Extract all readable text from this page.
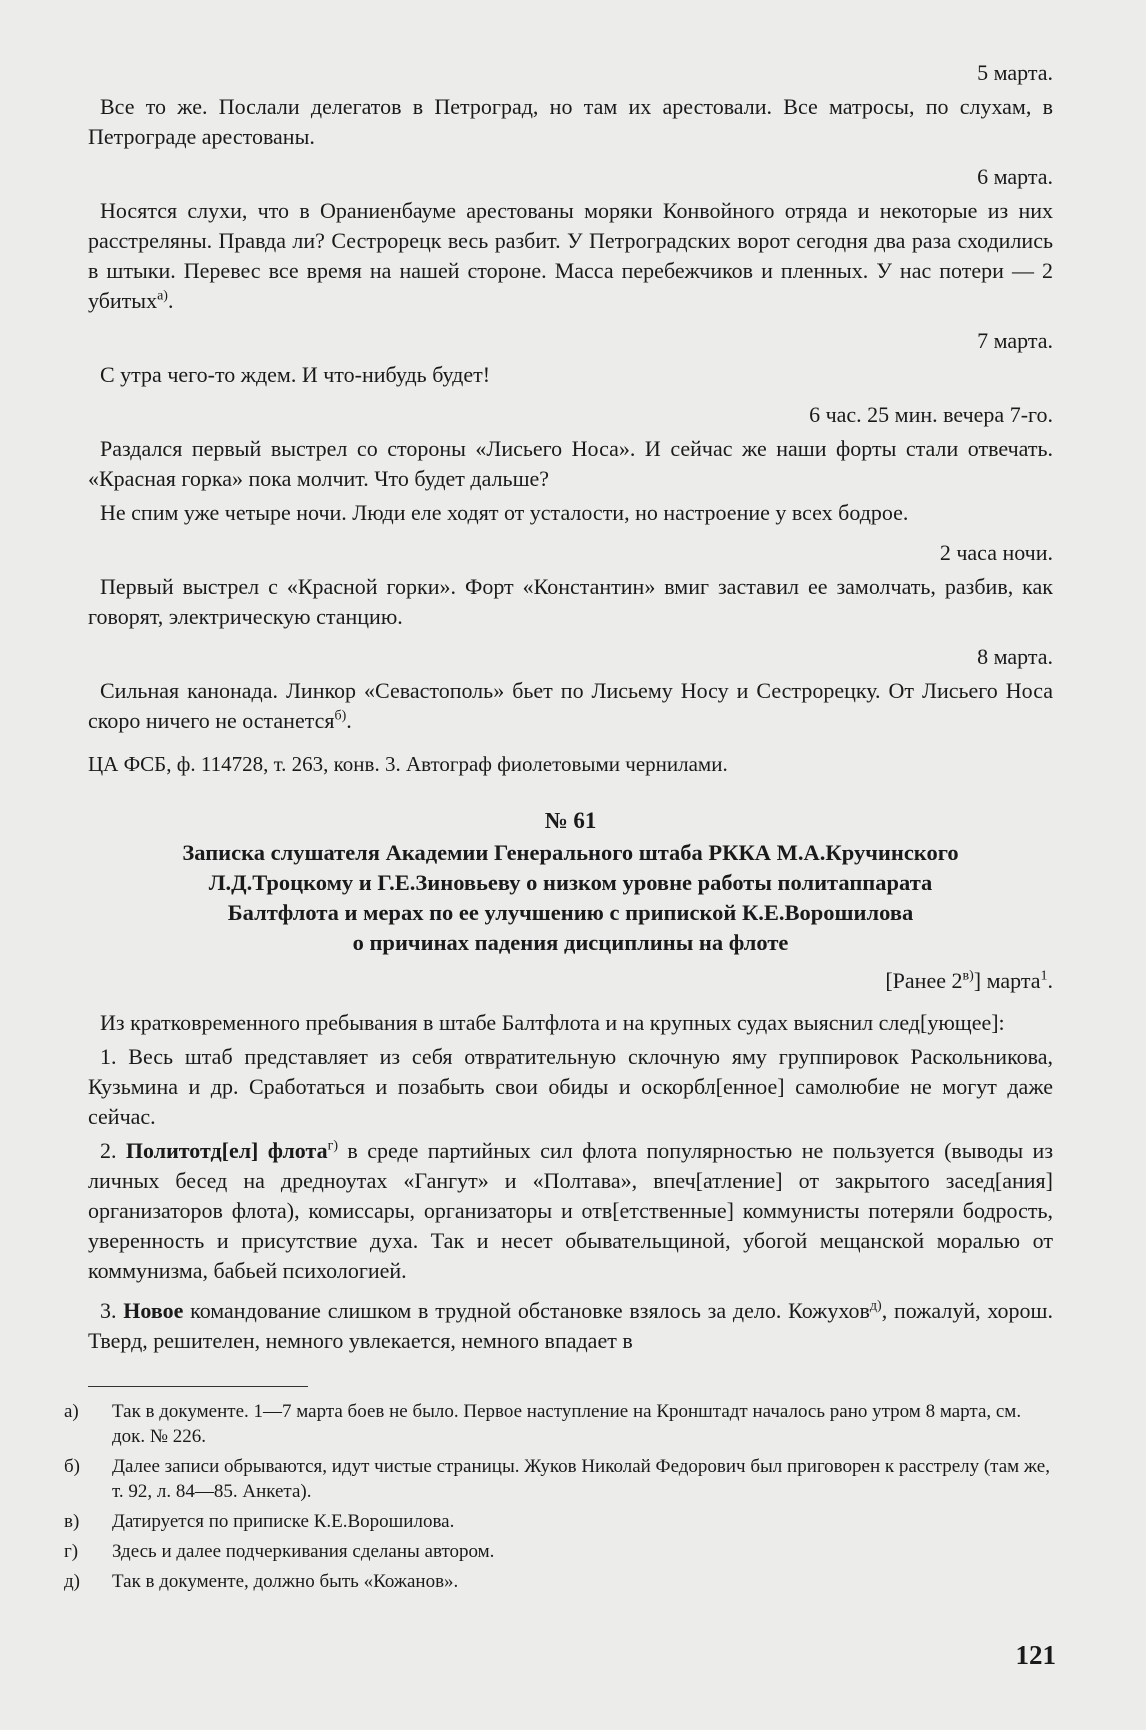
5 марта.

Все то же. Послали делегатов в Петроград, но там их арестовали. Все матросы, по слухам, в Петрограде арестованы.

6 марта.

Носятся слухи, что в Ораниенбауме арестованы моряки Конвойного отряда и некоторые из них расстреляны. Правда ли? Сестрорецк весь разбит. У Петроградских ворот сегодня два раза сходились в штыки. Перевес все время на нашей стороне. Масса перебежчиков и пленных. У нас потери — 2 убитых$^{а)}$.

7 марта.

С утра чего-то ждем. И что-нибудь будет!

6 час. 25 мин. вечера 7-го.

Раздался первый выстрел со стороны «Лисьего Носа». И сейчас же наши форты стали отвечать. «Красная горка» пока молчит. Что будет дальше?

Не спим уже четыре ночи. Люди еле ходят от усталости, но настроение у всех бодрое.

2 часа ночи.

Первый выстрел с «Красной горки». Форт «Константин» вмиг заставил ее замолчать, разбив, как говорят, электрическую станцию.

8 марта.

Сильная канонада. Линкор «Севастополь» бьет по Лисьему Носу и Сестрорецку. От Лисьего Носа скоро ничего не останется$^{б)}$.

ЦА ФСБ, ф. 114728, т. 263, конв. 3. Автограф фиолетовыми чернилами.

№ 61
Записка слушателя Академии Генерального штаба РККА М.А.Кручинского
Л.Д.Троцкому и Г.Е.Зиновьеву о низком уровне работы политаппарата
Балтфлота и мерах по ее улучшению с припиской К.Е.Ворошилова
о причинах падения дисциплины на флоте
[Ранее $2^{в)}$] марта$^1$.

Из кратковременного пребывания в штабе Балтфлота и на крупных судах выяснил след[ующее]:

1. Весь штаб представляет из себя отвратительную склочную яму группировок Раскольникова, Кузьмина и др. Сработаться и позабыть свои обиды и оскорбл[енное] самолюбие не могут даже сейчас.

2. Политотд[ел] флота$^{г)}$ в среде партийных сил флота популярностью не пользуется (выводы из личных бесед на дредноутах «Гангут» и «Полтава», впеч[атление] от закрытого засед[ания] организаторов флота), комиссары, организаторы и отв[етственные] коммунисты потеряли бодрость, уверенность и присутствие духа. Так и несет обывательщиной, убогой мещанской моралью от коммунизма, бабьей психологией.

3. Новое командование слишком в трудной обстановке взялось за дело. Кожухов$^{д)}$, пожалуй, хорош. Тверд, решителен, немного увлекается, немного впадает в

а) Так в документе. 1—7 марта боев не было. Первое наступление на Кронштадт началось рано утром 8 марта, см. док. № 226.

б) Далее записи обрываются, идут чистые страницы. Жуков Николай Федорович был приговорен к расстрелу (там же, т. 92, л. 84—85. Анкета).

в) Датируется по приписке К.Е.Ворошилова.

г) Здесь и далее подчеркивания сделаны автором.

д) Так в документе, должно быть «Кожанов».

121
